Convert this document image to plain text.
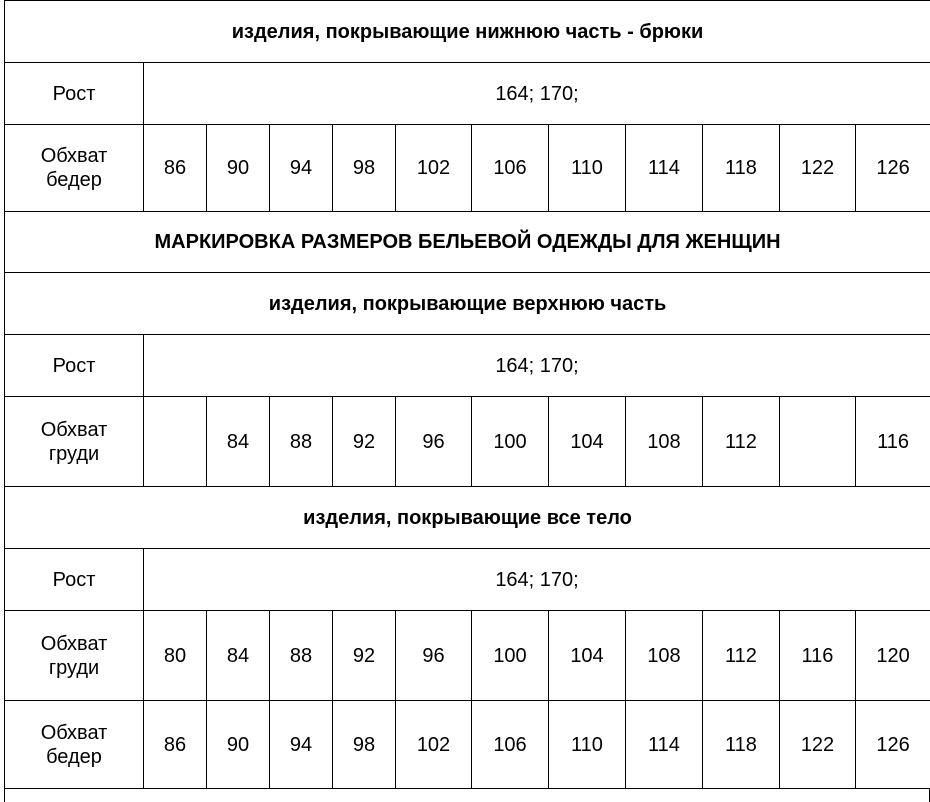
изделия, покрывающие нижнюю часть - брюки											
Рост	164; 170;										

Обхват
бедер	86	90	94	98	102	106	110	114	118	122	126
МАРКИРОВКА РАЗМЕРОВ БЕЛЬЕВОЙ ОДЕЖДЫ ДЛЯ ЖЕНЩИН											
изделия, покрывающие верхнюю часть											
Рост	164; 170;										

Обхват
груди		84	88	92	96	100	104	108	112		116
изделия, покрывающие все тело											
Рост	164; 170;										

Обхват
груди	80	84	88	92	96	100	104	108	112	116	120

Обхват
бедер	86	90	94	98	102	106	110	114	118	122	126
